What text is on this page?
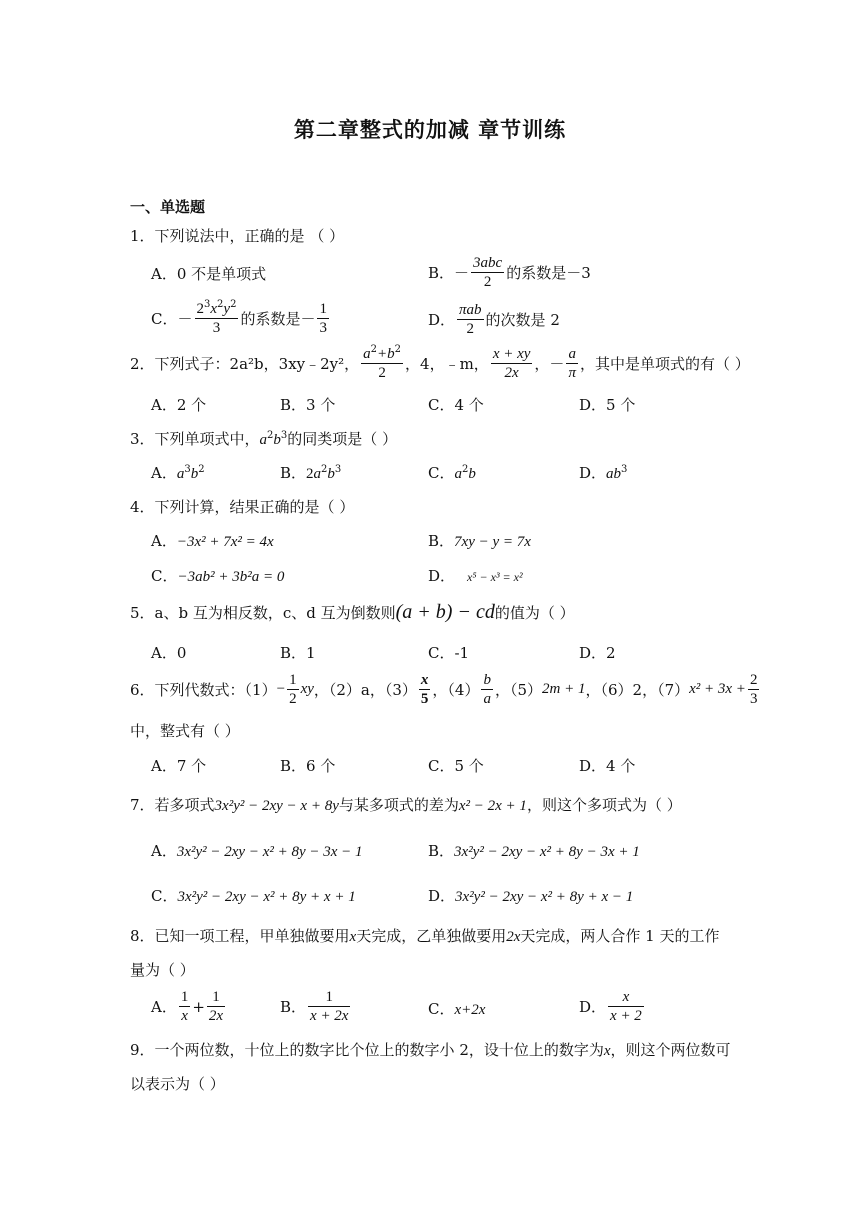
第二章整式的加减 章节训练
一、单选题
1．下列说法中，正确的是 （ ）
A．0 不是单项式	B．－ $\frac{\text{3abc}}{2}$ 的系数是－3
C．－ $\frac{2^3x^2y^2}{3}$ 的系数是－ $\frac{1}{3}$	D． $\frac{\text{πab}}{2}$ 的次数是 2
2．下列式子：2a²b，3xy﹣2y²， $\frac{a^2+b^2}{2}$ ，4，﹣m， $\frac{x + xy}{2x}$ ，－ $\frac{a}{\pi}$ ，其中是单项式的有（ ）
A．2 个	B．3 个	C．4 个	D．5 个
3．下列单项式中，$a^2b^3$的同类项是（ ）
A．$a^3b^2$	B．$2a^2b^3$	C．$a^2b$	D．$ab^3$
4．下列计算，结果正确的是（ ）
A．−3x² + 7x² = 4x	B．7xy − y = 7x
C．−3ab² + 3b²a = 0	D． x⁵ − x³ = x²
5．a、b 互为相反数，c、d 互为倒数则(a + b) − cd的值为（ ）
A．0	B．1	C．-1	D．2
6．下列代数式：$(1)- \frac{1}{2}$ xy，（2）a，$(3) \frac{x}{5}$ ，$(4) \frac{b}{a}$ ，（5）2m + 1，（6）2，$(7)x^2 + 3x + \frac{2}{3}$
中，整式有（ ）
A．7 个	B．6 个	C．5 个	D．4 个
7．若多项式3x²y² − 2xy − x + 8y与某多项式的差为x² − 2x + 1，则这个多项式为（ ）
A．3x²y² − 2xy − x² + 8y − 3x − 1	B．3x²y² − 2xy − x² + 8y − 3x + 1
C．3x²y² − 2xy − x² + 8y + x + 1	D．3x²y² − 2xy − x² + 8y + x − 1
8．已知一项工程，甲单独做要用x天完成，乙单独做要用2x天完成，两人合作 1 天的工作
量为（ ）
A． $\frac{1}{x} + \frac{1}{2x}$	B． $\frac{1}{x + 2x}$	C．x+2x	D． $\frac{x}{x + 2}$
9．一个两位数，十位上的数字比个位上的数字小 2，设十位上的数字为x，则这个两位数可
以表示为（ ）
